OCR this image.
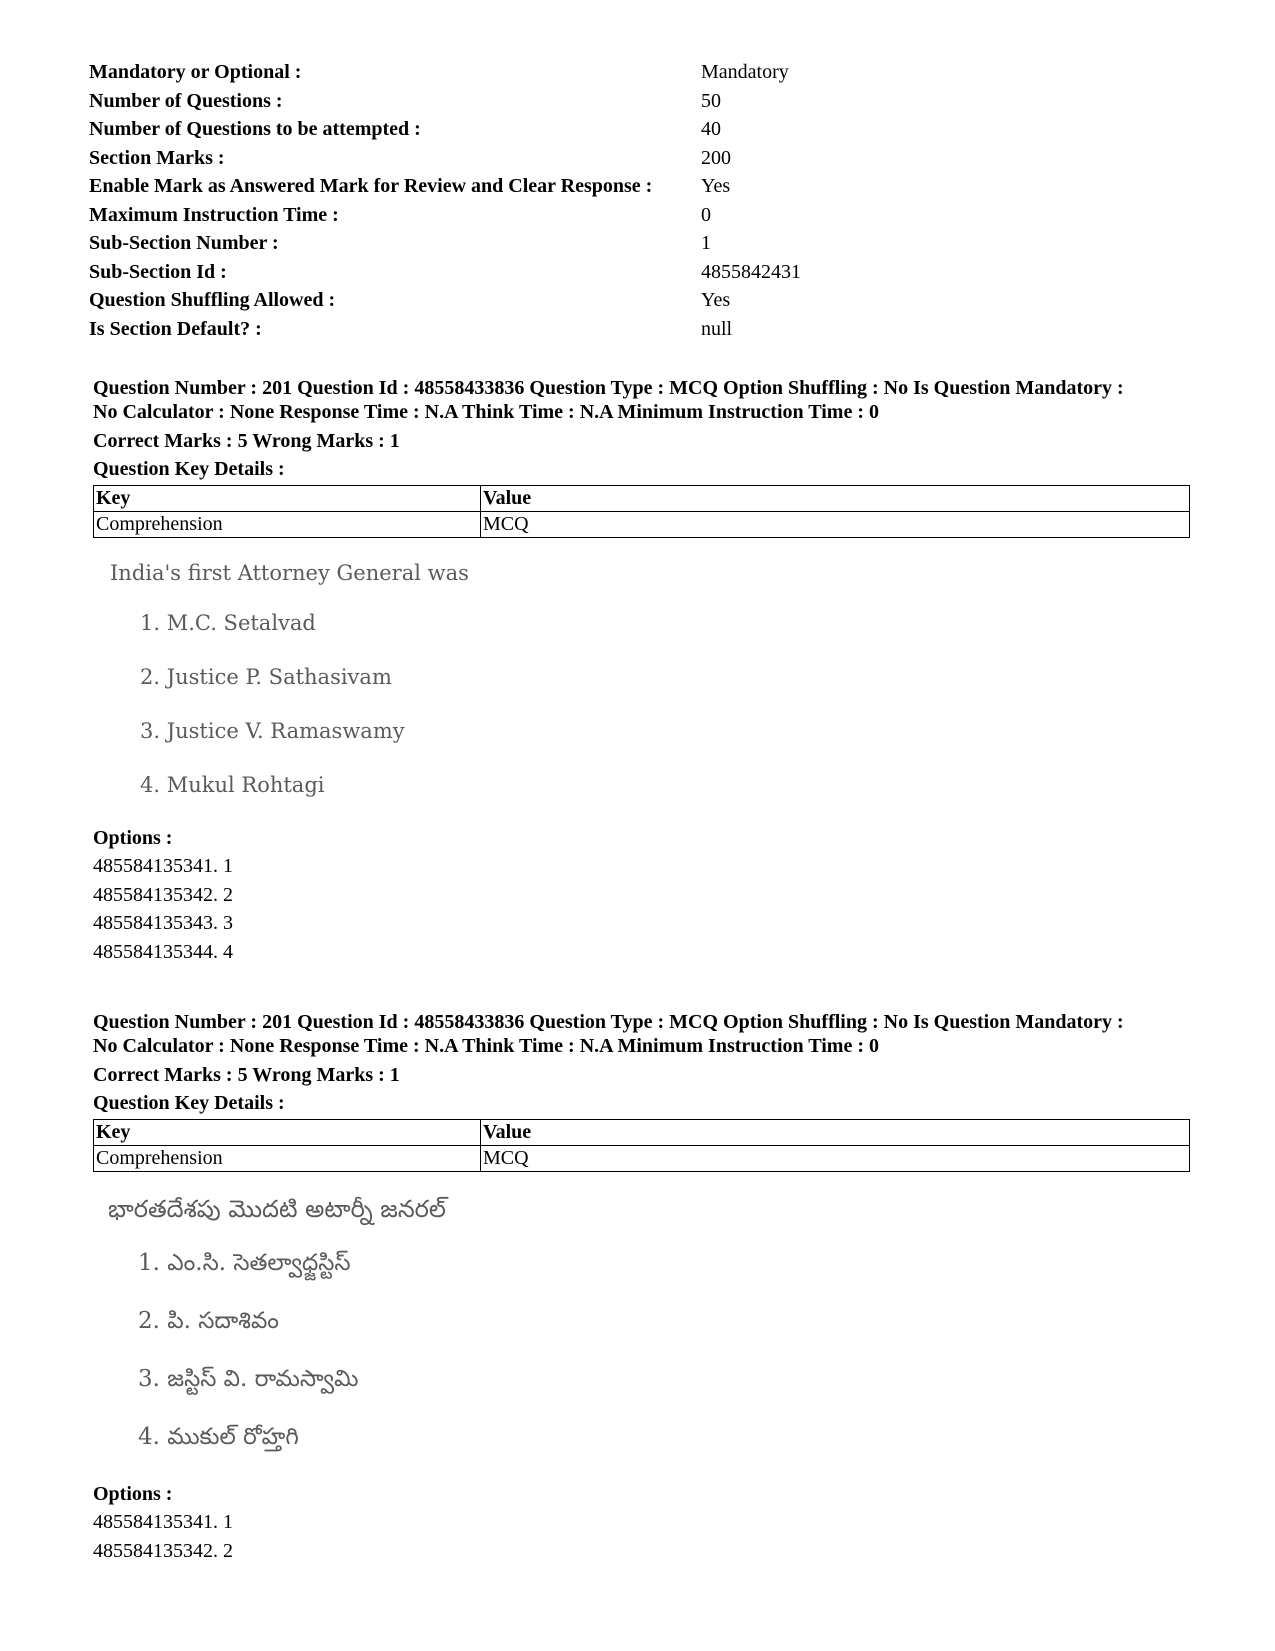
Mandatory or Optional :	Mandatory
Number of Questions :	50
Number of Questions to be attempted :	40
Section Marks :	200
Enable Mark as Answered Mark for Review and Clear Response :	Yes
Maximum Instruction Time :	0
Sub-Section Number :	1
Sub-Section Id :	4855842431
Question Shuffling Allowed :	Yes
Is Section Default? :	null
Question Number : 201 Question Id : 48558433836 Question Type : MCQ Option Shuffling : No Is Question Mandatory :
No Calculator : None Response Time : N.A Think Time : N.A Minimum Instruction Time : 0
Correct Marks : 5 Wrong Marks : 1
Question Key Details :
Key	Value
Comprehension	MCQ
India's first Attorney General was
1. M.C. Setalvad
2. Justice P. Sathasivam
3. Justice V. Ramaswamy
4. Mukul Rohtagi
Options :
485584135341. 1
485584135342. 2
485584135343. 3
485584135344. 4
Question Number : 201 Question Id : 48558433836 Question Type : MCQ Option Shuffling : No Is Question Mandatory :
No Calculator : None Response Time : N.A Think Time : N.A Minimum Instruction Time : 0
Correct Marks : 5 Wrong Marks : 1
Question Key Details :
Key	Value
Comprehension	MCQ
భారతదేశపు మొదటి అటార్నీ జనరల్
1. ఎం.సి. సెతల్వాధ్జస్టిస్
2. పి. సదాశివం
3. జస్టిస్ వి. రామస్వామి
4. ముకుల్ రోహ్తగి
Options :
485584135341. 1
485584135342. 2
